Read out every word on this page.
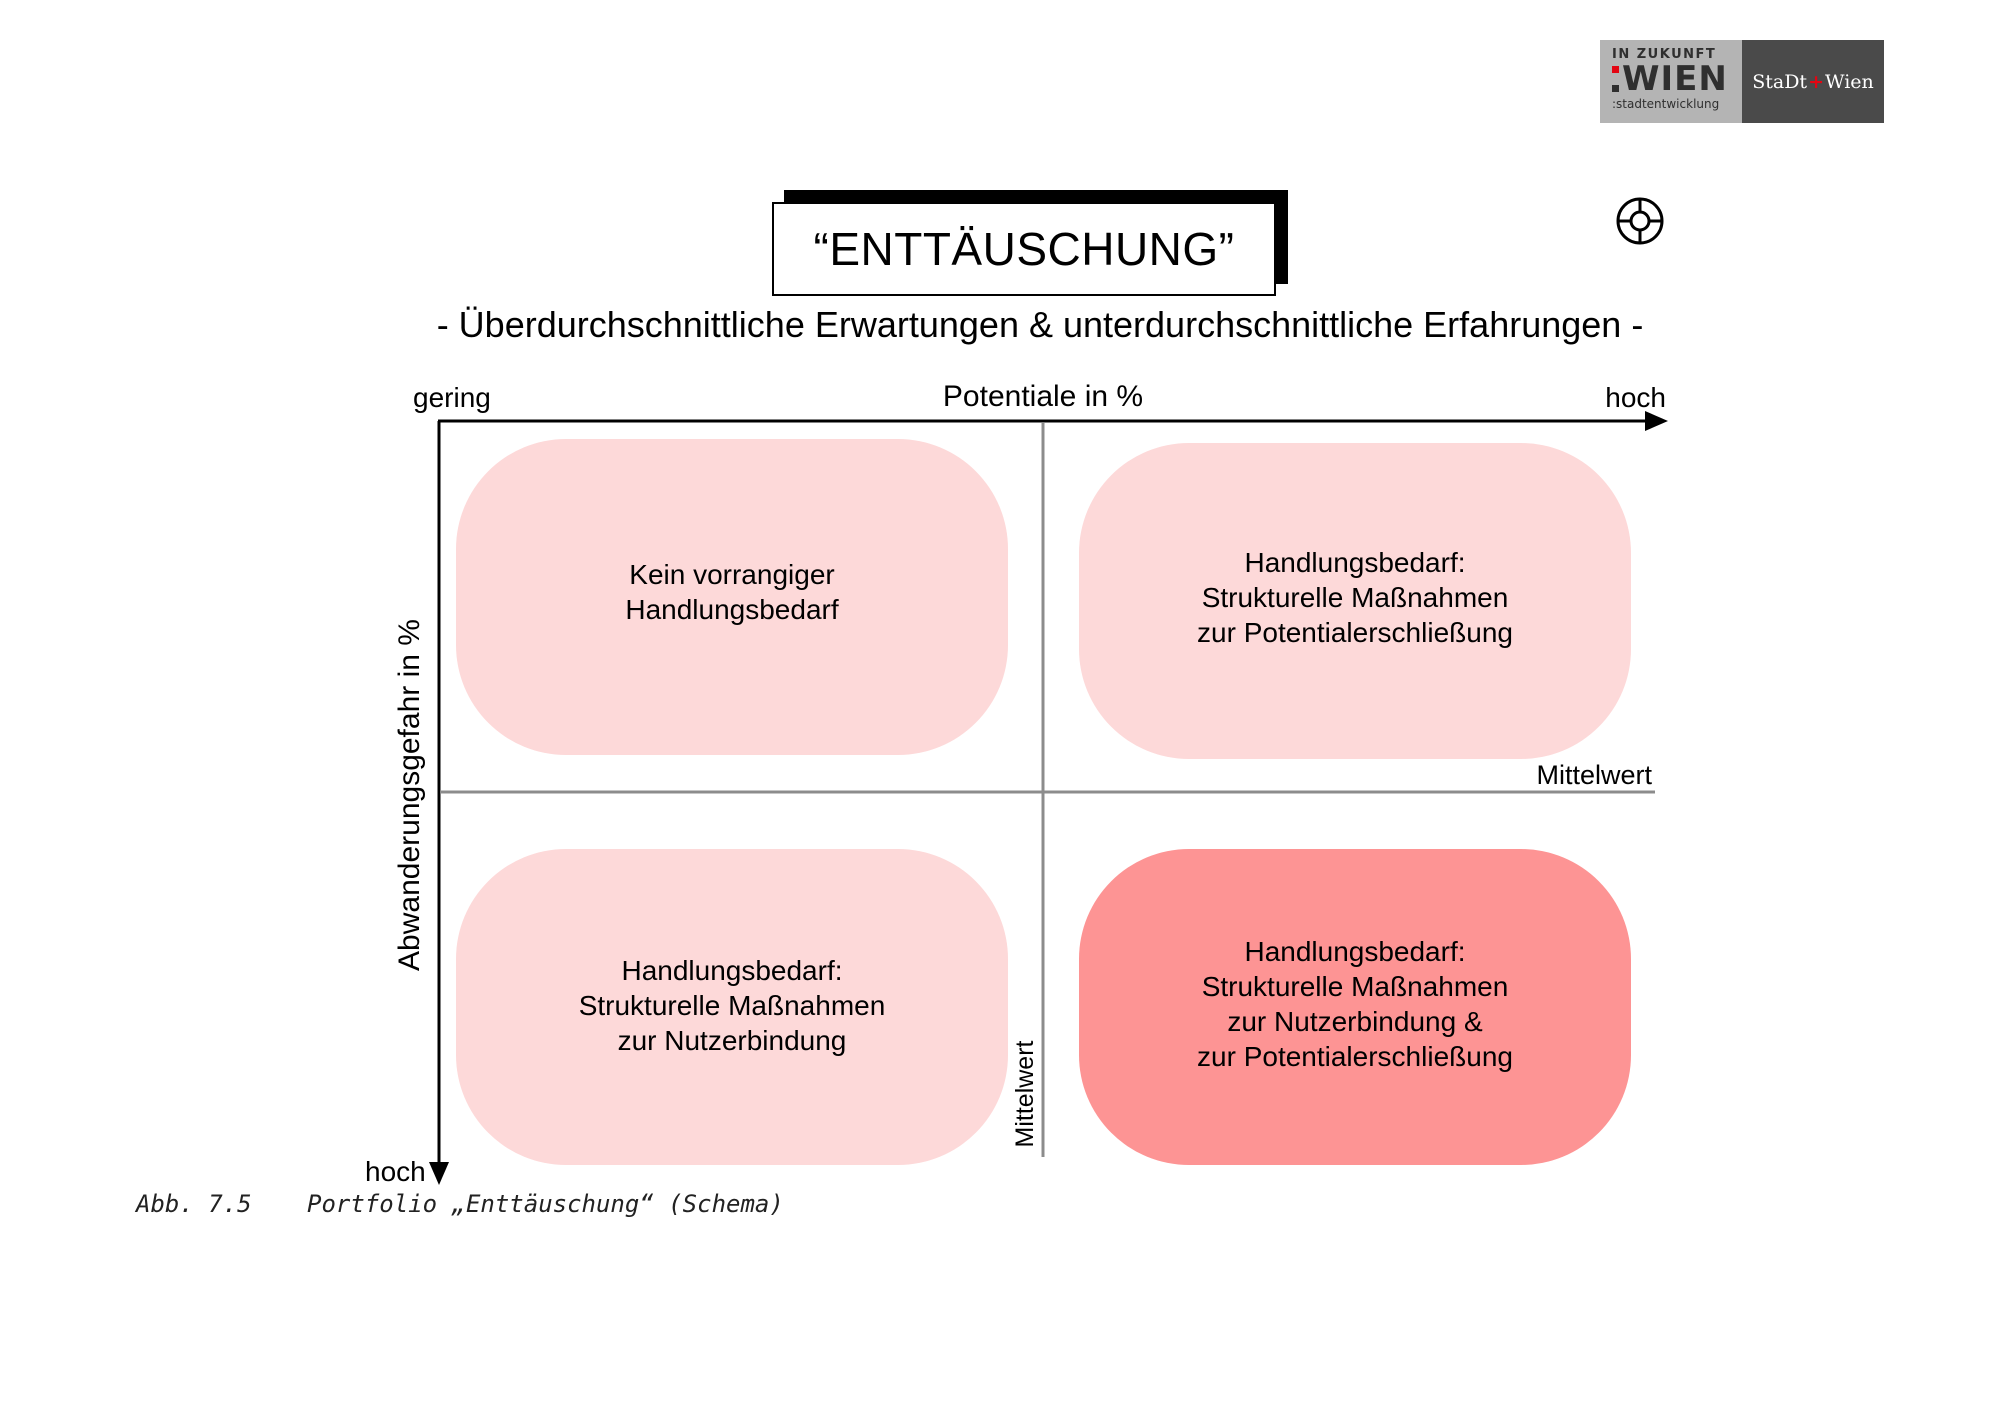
IN ZUKUNFT
WIEN
:stadtentwicklung
StaDt+Wien
“ENTTÄUSCHUNG”
- Überdurchschnittliche Erwartungen & unterdurchschnittliche Erfahrungen -
gering	Potentiale in %	hoch
hoch
Abwanderungsgefahr in %	Mittelwert
Mittelwert
Kein vorrangiger
Handlungsbedarf
Handlungsbedarf:
Strukturelle Maßnahmen
zur Potentialerschließung
Handlungsbedarf:
Strukturelle Maßnahmen
zur Nutzerbindung
Handlungsbedarf:
Strukturelle Maßnahmen
zur Nutzerbindung &
zur Potentialerschließung
Abb. 7.5 Portfolio „Enttäuschung“ (Schema)
